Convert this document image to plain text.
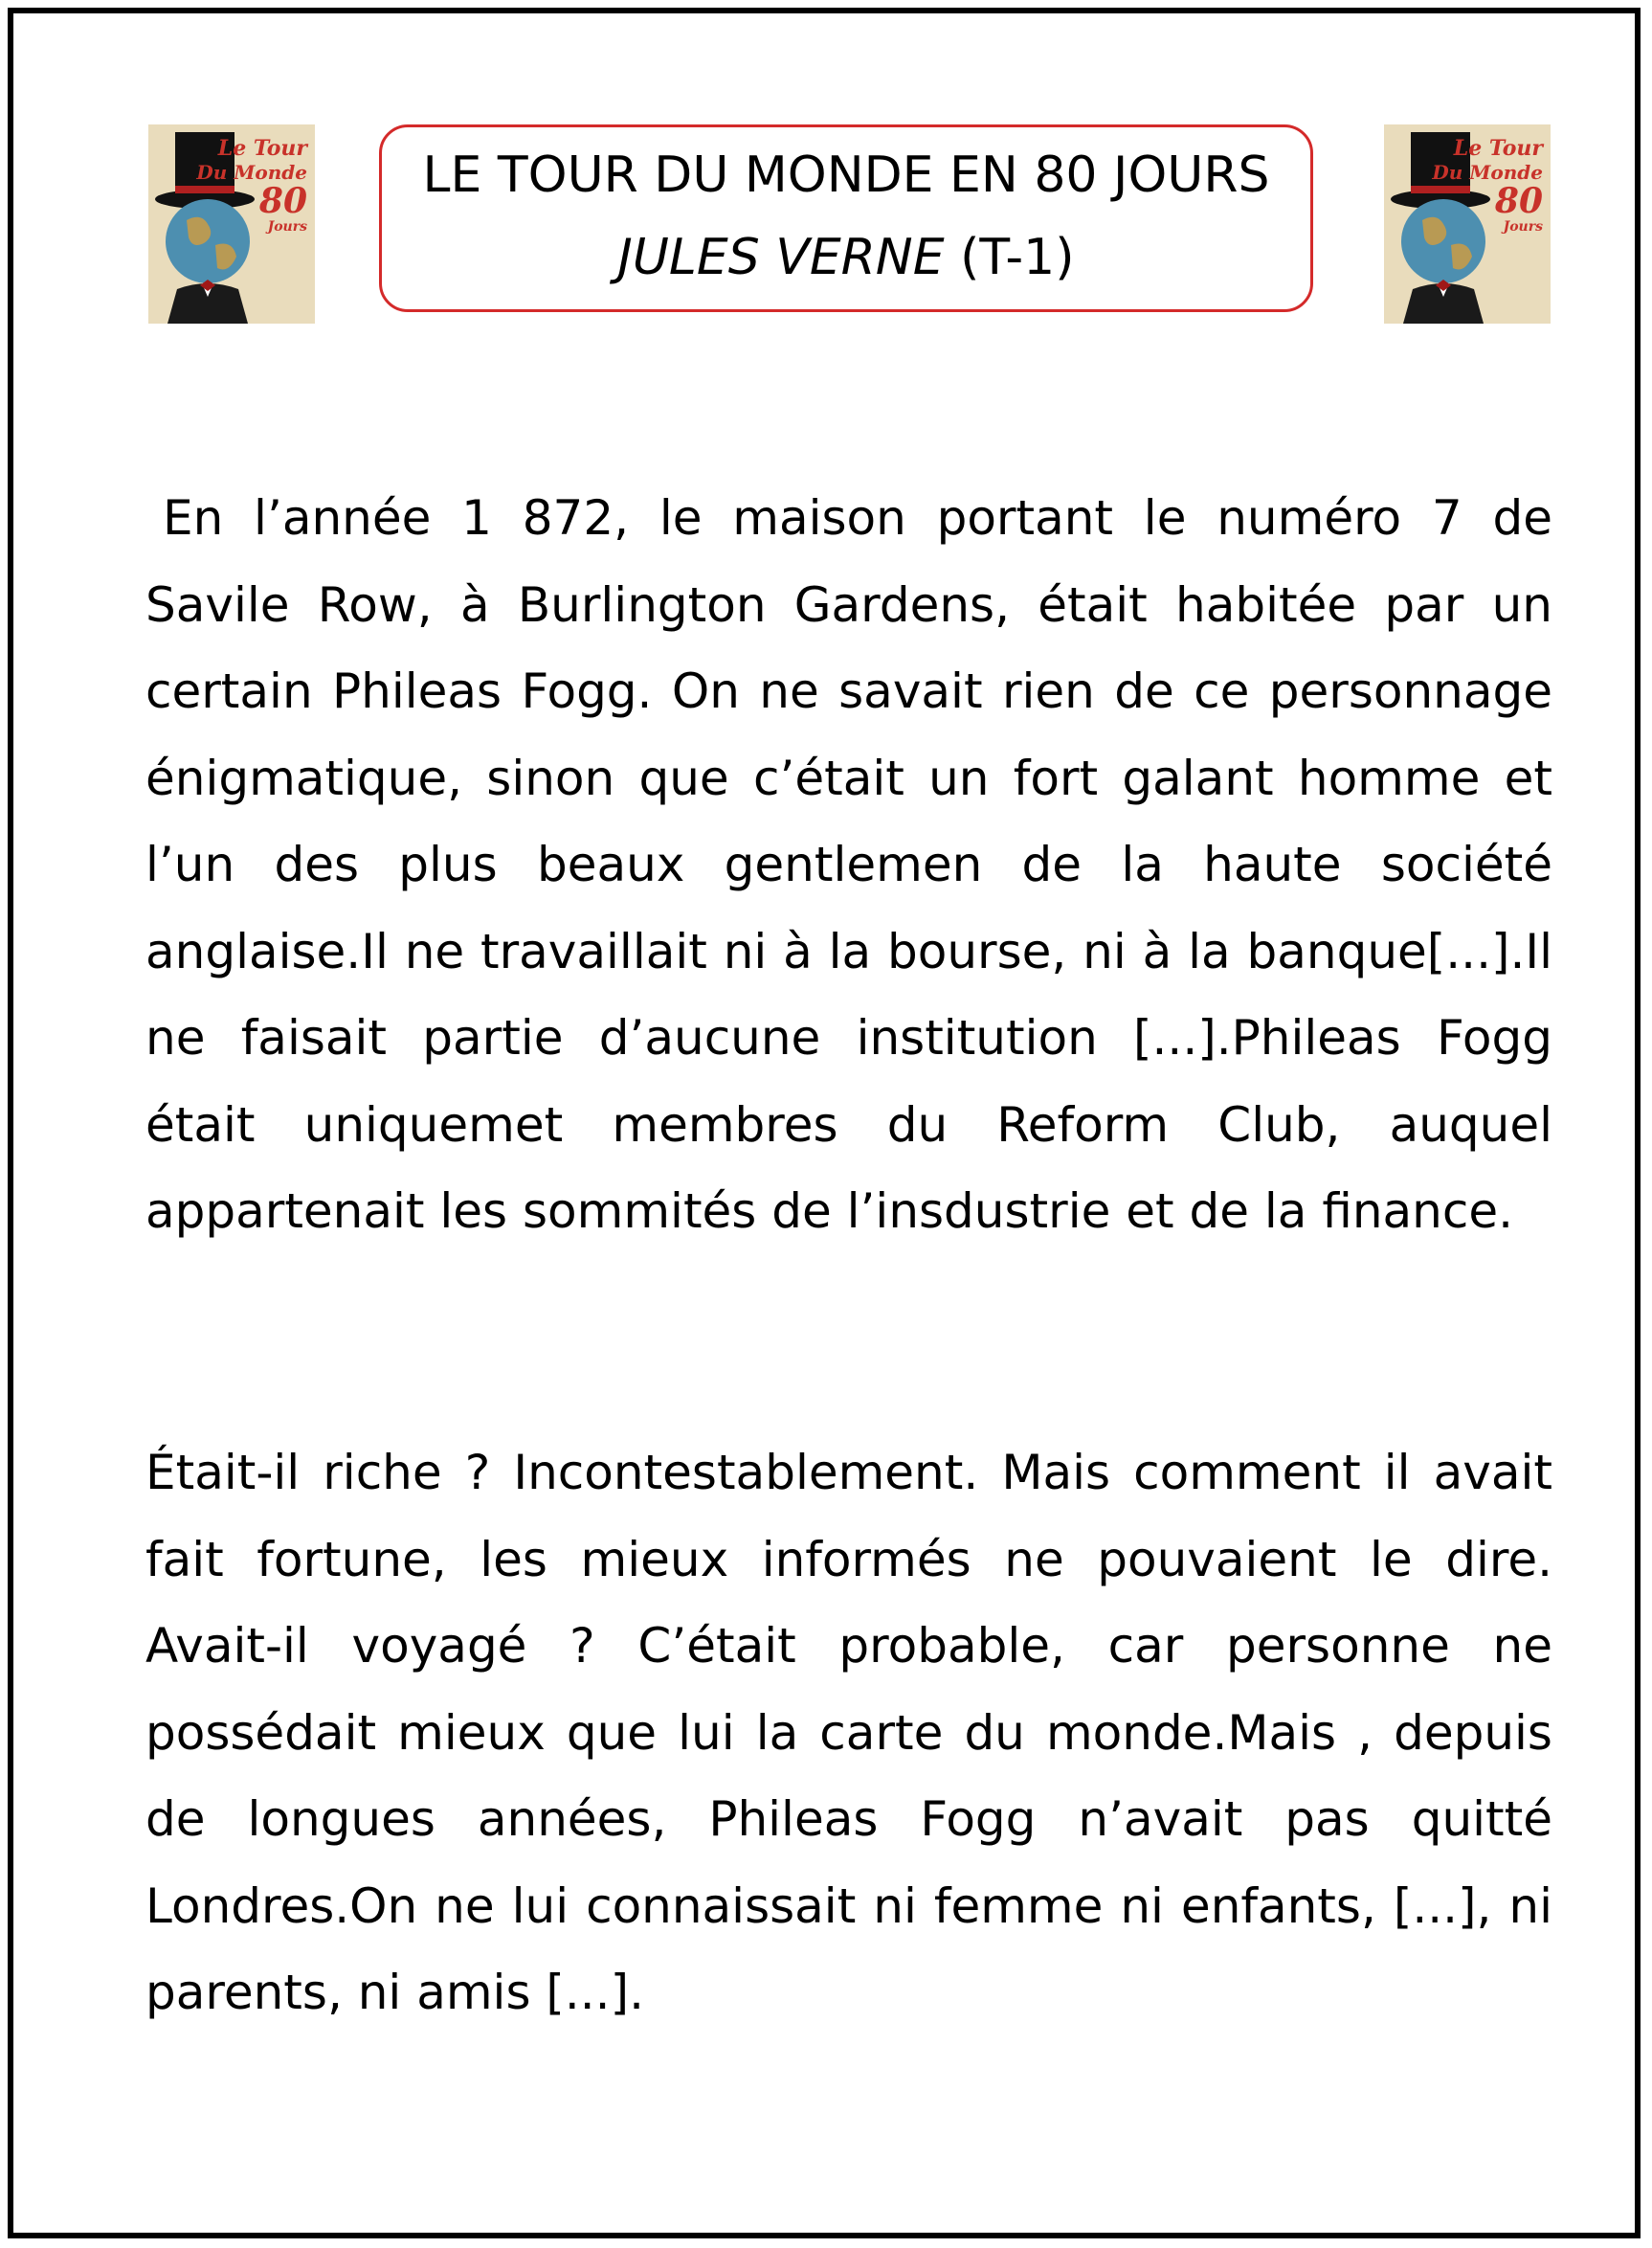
Le Tour
Du Monde
80
Jours
LE TOUR DU MONDE EN 80 JOURS
JULES VERNE (T-1)
Le Tour
Du Monde
80
Jours

En l’année 1 872, le maison portant le numéro 7 de Savile Row, à Burlington Gardens, était habitée par un certain Phileas Fogg. On ne savait rien de ce personnage énigmatique, sinon que c’était un fort galant homme et l’un des plus beaux gentlemen de la haute société anglaise.Il ne travaillait ni à la bourse, ni à la banque[...].Il ne faisait partie d’aucune institution [...].Phileas Fogg était uniquemet membres du Reform Club, auquel appartenait les sommités de l’insdustrie et de la finance.

Était-il riche ? Incontestablement. Mais comment il avait fait fortune, les mieux informés ne pouvaient le dire. Avait-il voyagé ? C’était probable, car personne ne possédait mieux que lui la carte du monde.Mais , depuis de longues années, Phileas Fogg n’avait pas quitté Londres.On ne lui connaissait ni femme ni enfants, [...], ni parents, ni amis [...].
